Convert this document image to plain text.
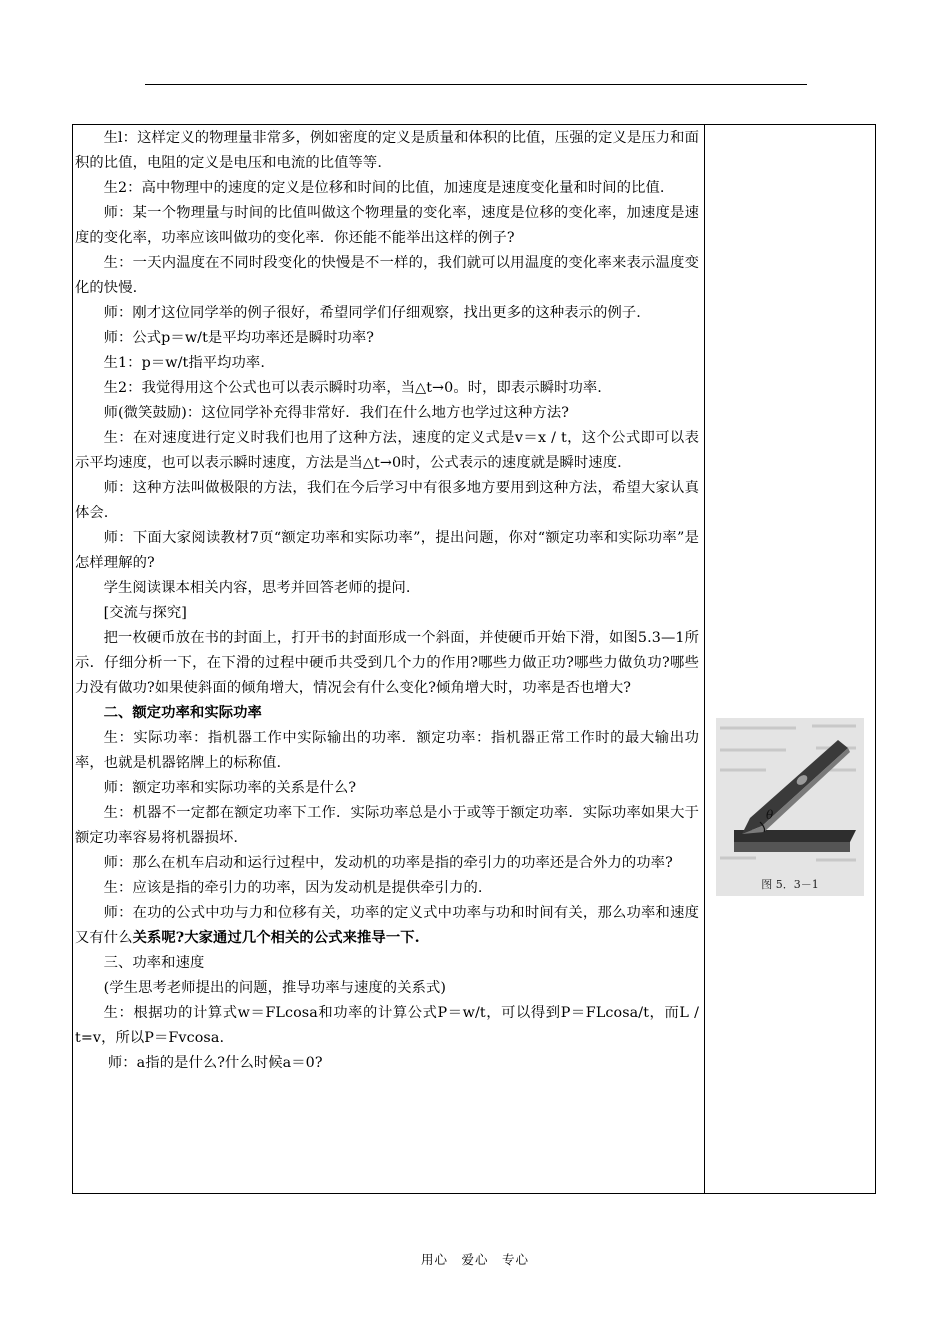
生l：这样定义的物理量非常多，例如密度的定义是质量和体积的比值，压强的定义是压力和面积的比值，电阻的定义是电压和电流的比值等等.

生2：高中物理中的速度的定义是位移和时间的比值，加速度是速度变化量和时间的比值.

师：某一个物理量与时间的比值叫做这个物理量的变化率，速度是位移的变化率，加速度是速度的变化率，功率应该叫做功的变化率．你还能不能举出这样的例子?

生：一天内温度在不同时段变化的快慢是不一样的，我们就可以用温度的变化率来表示温度变化的快慢.

师：刚才这位同学举的例子很好，希望同学们仔细观察，找出更多的这种表示的例子.

师：公式p＝w/t是平均功率还是瞬时功率?

生1：p＝w/t指平均功率.

生2：我觉得用这个公式也可以表示瞬时功率，当△t→0。时，即表示瞬时功率.

师(微笑鼓励)：这位同学补充得非常好．我们在什么地方也学过这种方法?

生：在对速度进行定义时我们也用了这种方法，速度的定义式是v＝x / t，这个公式即可以表示平均速度，也可以表示瞬时速度，方法是当△t→0时，公式表示的速度就是瞬时速度.

师：这种方法叫做极限的方法，我们在今后学习中有很多地方要用到这种方法，希望大家认真体会.

师：下面大家阅读教材7页“额定功率和实际功率”，提出问题，你对“额定功率和实际功率”是怎样理解的?

学生阅读课本相关内容，思考并回答老师的提问.

[交流与探究]

把一枚硬币放在书的封面上，打开书的封面形成一个斜面，并使硬币开始下滑，如图5.3—1所示．仔细分析一下，在下滑的过程中硬币共受到几个力的作用?哪些力做正功?哪些力做负功?哪些力没有做功?如果使斜面的倾角增大，情况会有什么变化?倾角增大时，功率是否也增大?

二、额定功率和实际功率

生：实际功率：指机器工作中实际输出的功率．额定功率：指机器正常工作时的最大输出功率，也就是机器铭牌上的标称值.

师：额定功率和实际功率的关系是什么?

生：机器不一定都在额定功率下工作．实际功率总是小于或等于额定功率．实际功率如果大于额定功率容易将机器损坏.

师：那么在机车启动和运行过程中，发动机的功率是指的牵引力的功率还是合外力的功率?

生：应该是指的牵引力的功率，因为发动机是提供牵引力的.

师：在功的公式中功与力和位移有关，功率的定义式中功率与功和时间有关，那么功率和速度又有什么关系呢?大家通过几个相关的公式来推导一下.

三、功率和速度

(学生思考老师提出的问题，推导功率与速度的关系式)

生：根据功的计算式w＝FLcosa和功率的计算公式P＝w/t，可以得到P＝FLcosa/t，而L / t=v，所以P＝Fvcosa.

师：a指的是什么?什么时候a＝0?

θ
图 5．3－1
用心　爱心　专心
